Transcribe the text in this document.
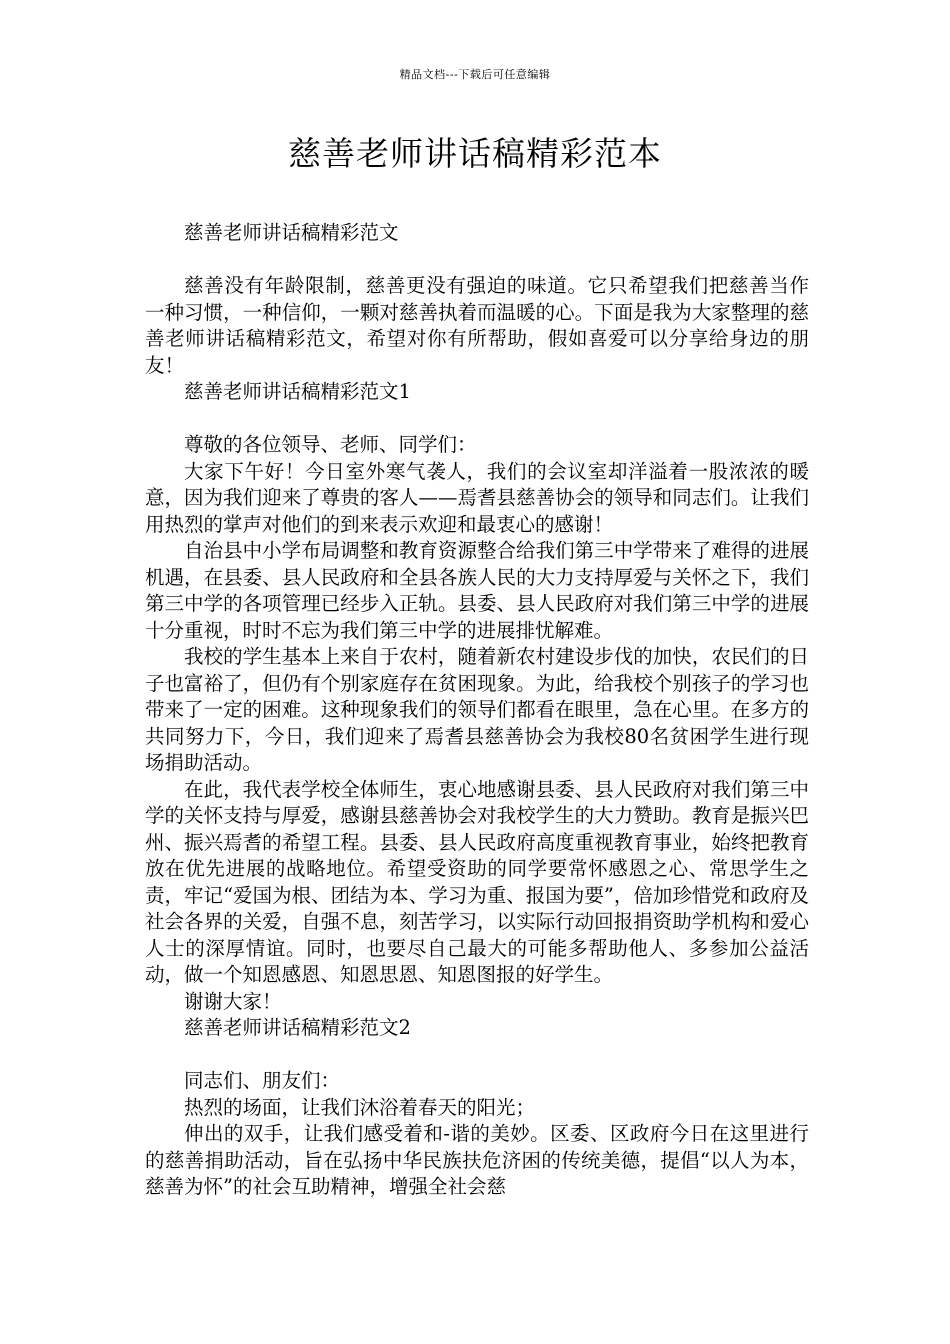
精品文档---下载后可任意编辑
慈善老师讲话稿精彩范本

慈善老师讲话稿精彩范文

慈善没有年龄限制，慈善更没有强迫的味道。它只希望我们把慈善当作 一种习惯，一种信仰，一颗对慈善执着而温暖的心。下面是我为大家整理的慈善老师讲话稿精彩范文，希望对你有所帮助，假如喜爱可以分享给身边的朋友！

慈善老师讲话稿精彩范文1

尊敬的各位领导、老师、同学们：

大家下午好！今日室外寒气袭人，我们的会议室却洋溢着一股浓浓的暖意，因为我们迎来了尊贵的客人——焉耆县慈善协会的领导和同志们。让我们用热烈的掌声对他们的到来表示欢迎和最衷心的感谢！

自治县中小学布局调整和教育资源整合给我们第三中学带来了难得的进展机遇，在县委、县人民政府和全县各族人民的大力支持厚爱与关怀之下，我们第三中学的各项管理已经步入正轨。县委、县人民政府对我们第三中学的进展十分重视，时时不忘为我们第三中学的进展排忧解难。

我校的学生基本上来自于农村，随着新农村建设步伐的加快，农民们的日子也富裕了，但仍有个别家庭存在贫困现象。为此，给我校个别孩子的学习也带来了一定的困难。这种现象我们的领导们都看在眼里，急在心里。在多方的共同努力下，今日，我们迎来了焉耆县慈善协会为我校80名贫困学生进行现场捐助活动。

在此，我代表学校全体师生，衷心地感谢县委、县人民政府对我们第三中学的关怀支持与厚爱，感谢县慈善协会对我校学生的大力赞助。教育是振兴巴州、振兴焉耆的希望工程。县委、县人民政府高度重视教育事业，始终把教育放在优先进展的战略地位。希望受资助的同学要常怀感恩之心、常思学生之责，牢记“爱国为根、团结为本、学习为重、报国为要”，倍加珍惜党和政府及社会各界的关爱，自强不息，刻苦学习，以实际行动回报捐资助学机构和爱心人士的深厚情谊。同时，也要尽自己最大的可能多帮助他人、多参加公益活动，做一个知恩感恩、知恩思恩、知恩图报的好学生。

谢谢大家！

慈善老师讲话稿精彩范文2

同志们、朋友们：

热烈的场面，让我们沐浴着春天的阳光；

伸出的双手，让我们感受着和-谐的美妙。区委、区政府今日在这里进行的慈善捐助活动，旨在弘扬中华民族扶危济困的传统美德，提倡“以人为本，慈善为怀”的社会互助精神，增强全社会慈
